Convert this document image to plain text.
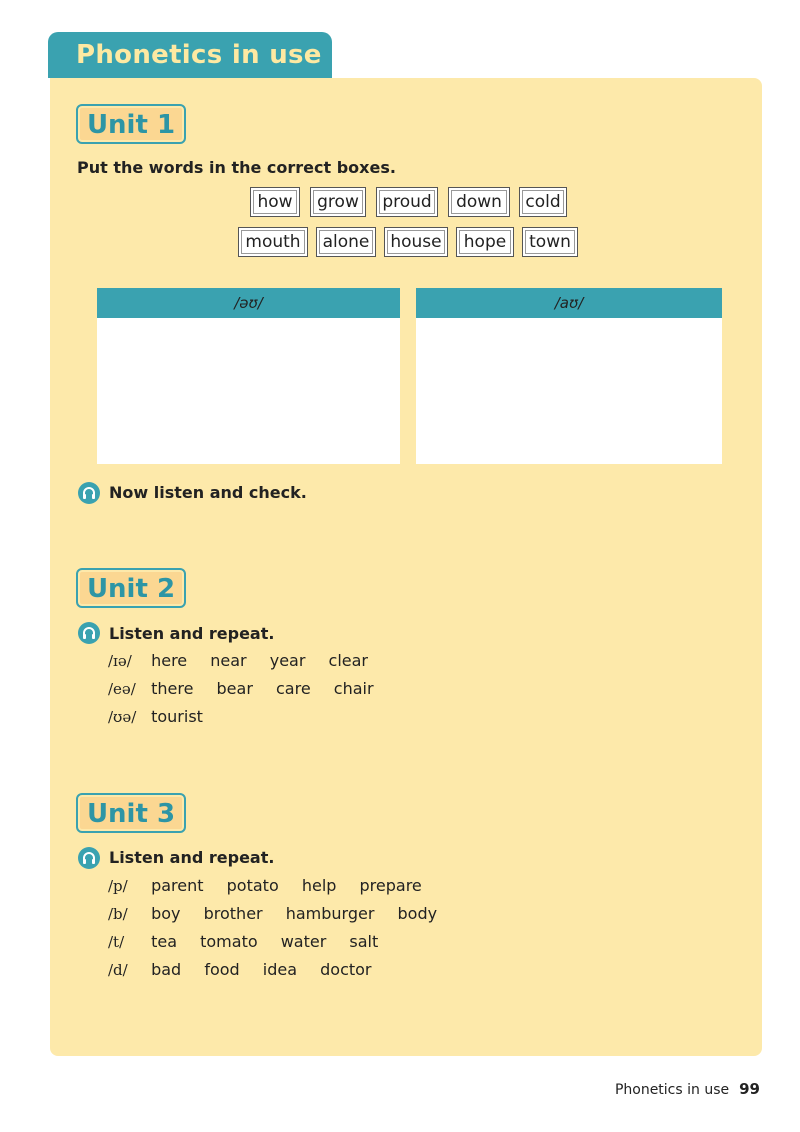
Phonetics in use
Unit 1
Put the words in the correct boxes.
how	grow	proud	down	cold
mouth	alone	house	hope	town
/əʊ/	/aʊ/
Now listen and check.
Unit 2
Listen and repeat.
/ɪə/ here near year clear
/eə/ there bear care chair
/ʊə/ tourist
Unit 3
Listen and repeat.
/p/ parent potato help prepare
/b/ boy brother hamburger body
/t/ tea tomato water salt
/d/ bad food idea doctor
Phonetics in use 99
